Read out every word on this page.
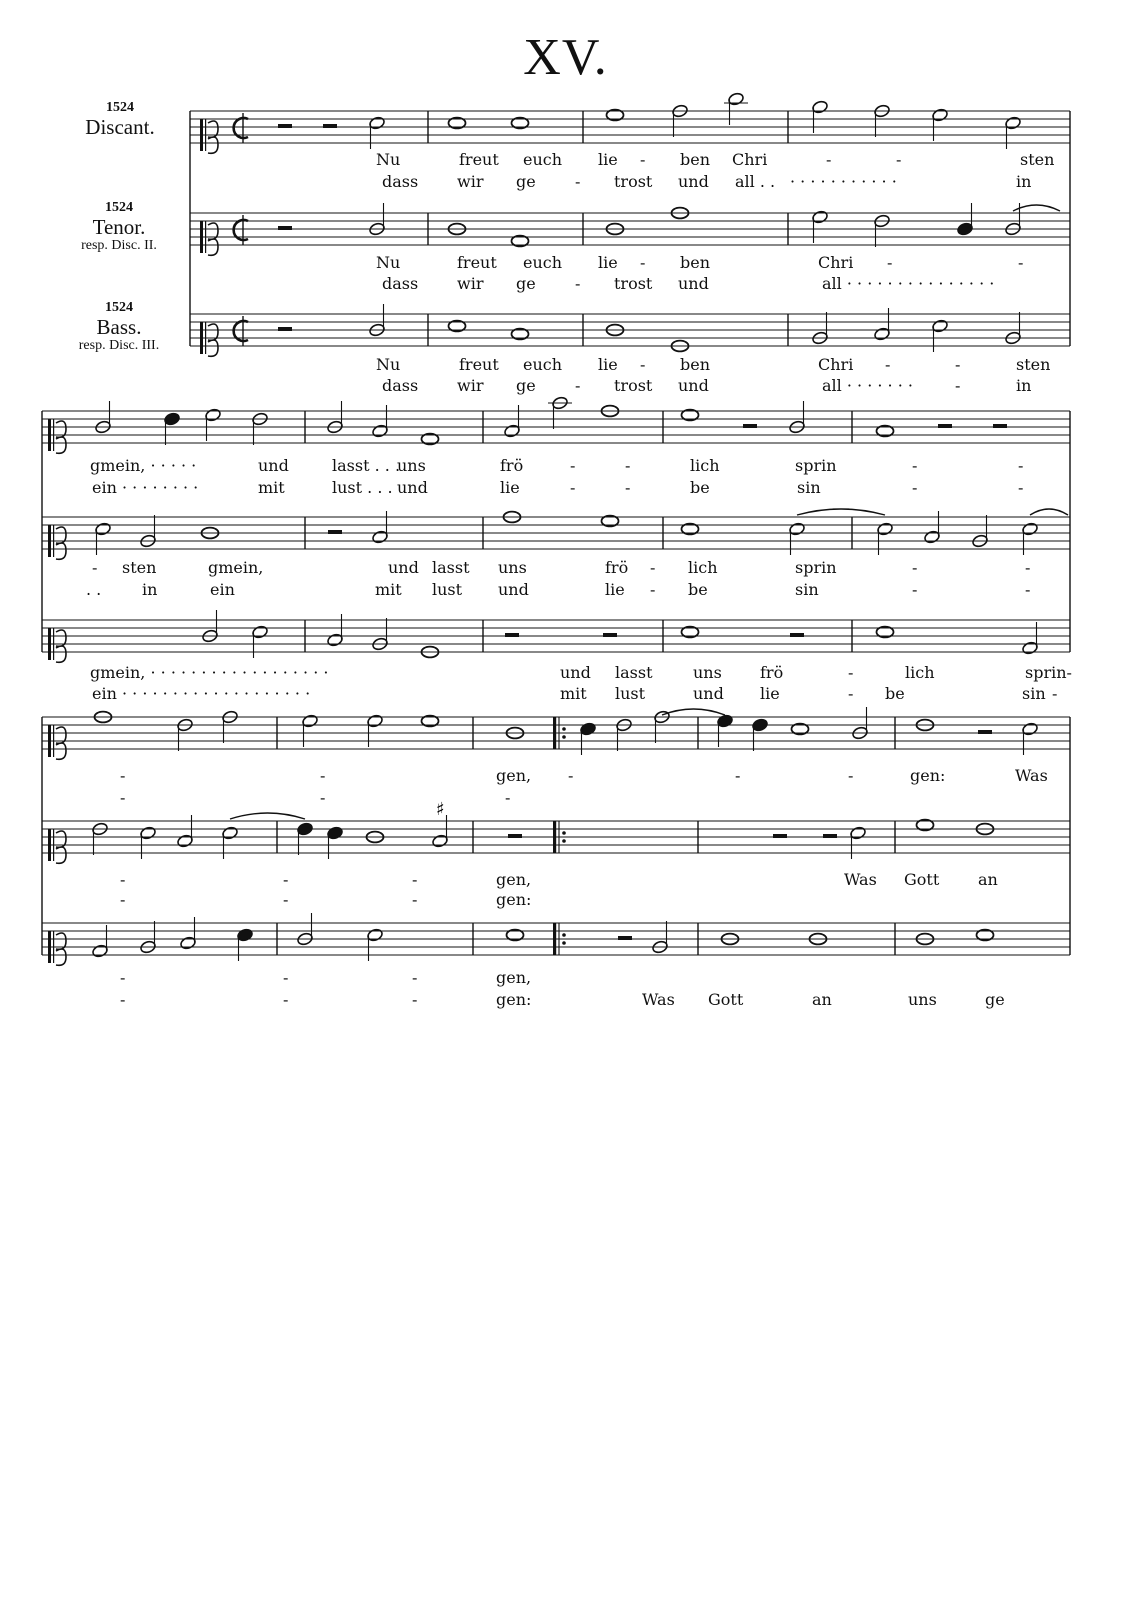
XV.
1524
Discant.
1524
Tenor.
resp. Disc. II.
1524
Bass.
resp. Disc. III.
♯
Nu	freut euch lie - ben Chri	-	-	sten
dass wir ge - trost und all . . · · · · · · · · · · ·	in
Nu	freut euch lie - ben	Chri -	-
dass wir ge - trost und	all · · · · · · · · · · · · · · ·
Nu	freut euch lie - ben	Chri -	-	sten
dass wir ge - trost und	all · · · · · · ·	-	in
gmein, · · · · ·	und	lasst . . .
uns	frö	-	-	lich	sprin	-	-
ein · · · · · · · ·	mit	lust . . . und	lie	-	-	be	sin	-	-
- sten	gmein,	und lasst uns	frö - lich	sprin	-	-
. .	in	ein	mit lust und	lie - be	sin	-	-
gmein, · · · · · · · · · · · · · · · · · ·	und lasst	uns frö	-	lich	sprin-
ein · · · · · · · · · · · · · · · · · · ·	mit lust	und lie	- be	sin -
-	-	gen, -	-	-	gen:	Was
-	-	-
-	-	-	gen,	Was Gott an
-	-	-	gen:
-	-	-	gen,
-	-	-	gen:	Was Gott	an	uns	ge
